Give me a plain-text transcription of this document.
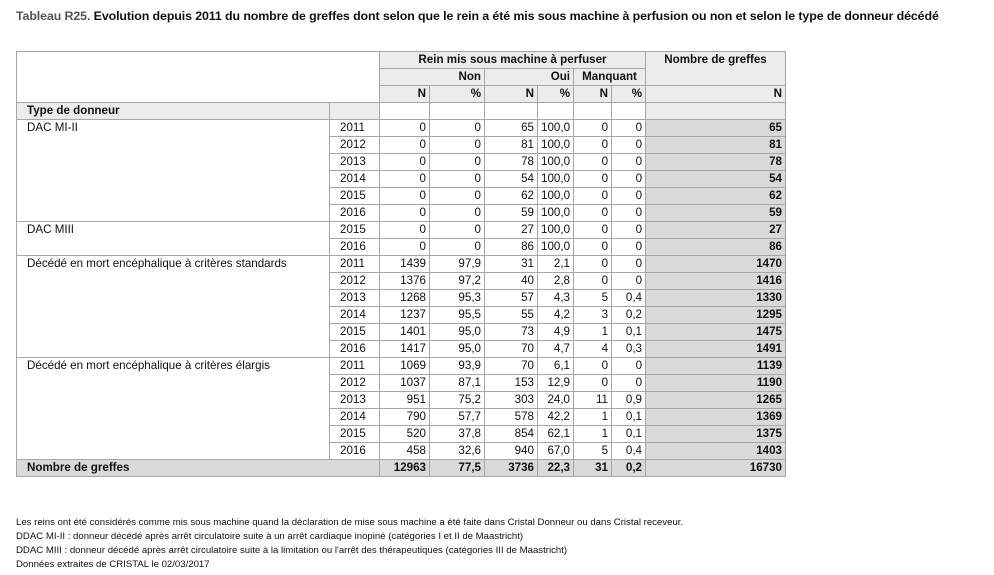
Tableau R25. Evolution depuis 2011 du nombre de greffes dont selon que le rein a été mis sous machine à perfusion ou non et selon le type de donneur décédé
		Rein mis sous machine à perfuser						Nombre de greffes
		Non		Oui		Manquant		
		N	%	N	%	N	%	N
Type de donneur								
DAC MI-II	2011	0	0	65	100,0	0	0	65
	2012	0	0	81	100,0	0	0	81
	2013	0	0	78	100,0	0	0	78
	2014	0	0	54	100,0	0	0	54
	2015	0	0	62	100,0	0	0	62
	2016	0	0	59	100,0	0	0	59
DAC MIII	2015	0	0	27	100,0	0	0	27
	2016	0	0	86	100,0	0	0	86
Décédé en mort encéphalique à critères standards	2011	1439	97,9	31	2,1	0	0	1470
	2012	1376	97,2	40	2,8	0	0	1416
	2013	1268	95,3	57	4,3	5	0,4	1330
	2014	1237	95,5	55	4,2	3	0,2	1295
	2015	1401	95,0	73	4,9	1	0,1	1475
	2016	1417	95,0	70	4,7	4	0,3	1491
Décédé en mort encéphalique à critères élargis	2011	1069	93,9	70	6,1	0	0	1139
	2012	1037	87,1	153	12,9	0	0	1190
	2013	951	75,2	303	24,0	11	0,9	1265
	2014	790	57,7	578	42,2	1	0,1	1369
	2015	520	37,8	854	62,1	1	0,1	1375
	2016	458	32,6	940	67,0	5	0,4	1403
Nombre de greffes		12963	77,5	3736	22,3	31	0,2	16730
Les reins ont été considérés comme mis sous machine quand la déclaration de mise sous machine a été faite dans Cristal Donneur ou dans Cristal receveur.
DDAC MI-II : donneur décédé après arrêt circulatoire suite à un arrêt cardiaque inopiné (catégories I et II de Maastricht)
DDAC MIII : donneur décédé après arrêt circulatoire suite à la limitation ou l'arrêt des thérapeutiques (catégories III de Maastricht)
Données extraites de CRISTAL le 02/03/2017
